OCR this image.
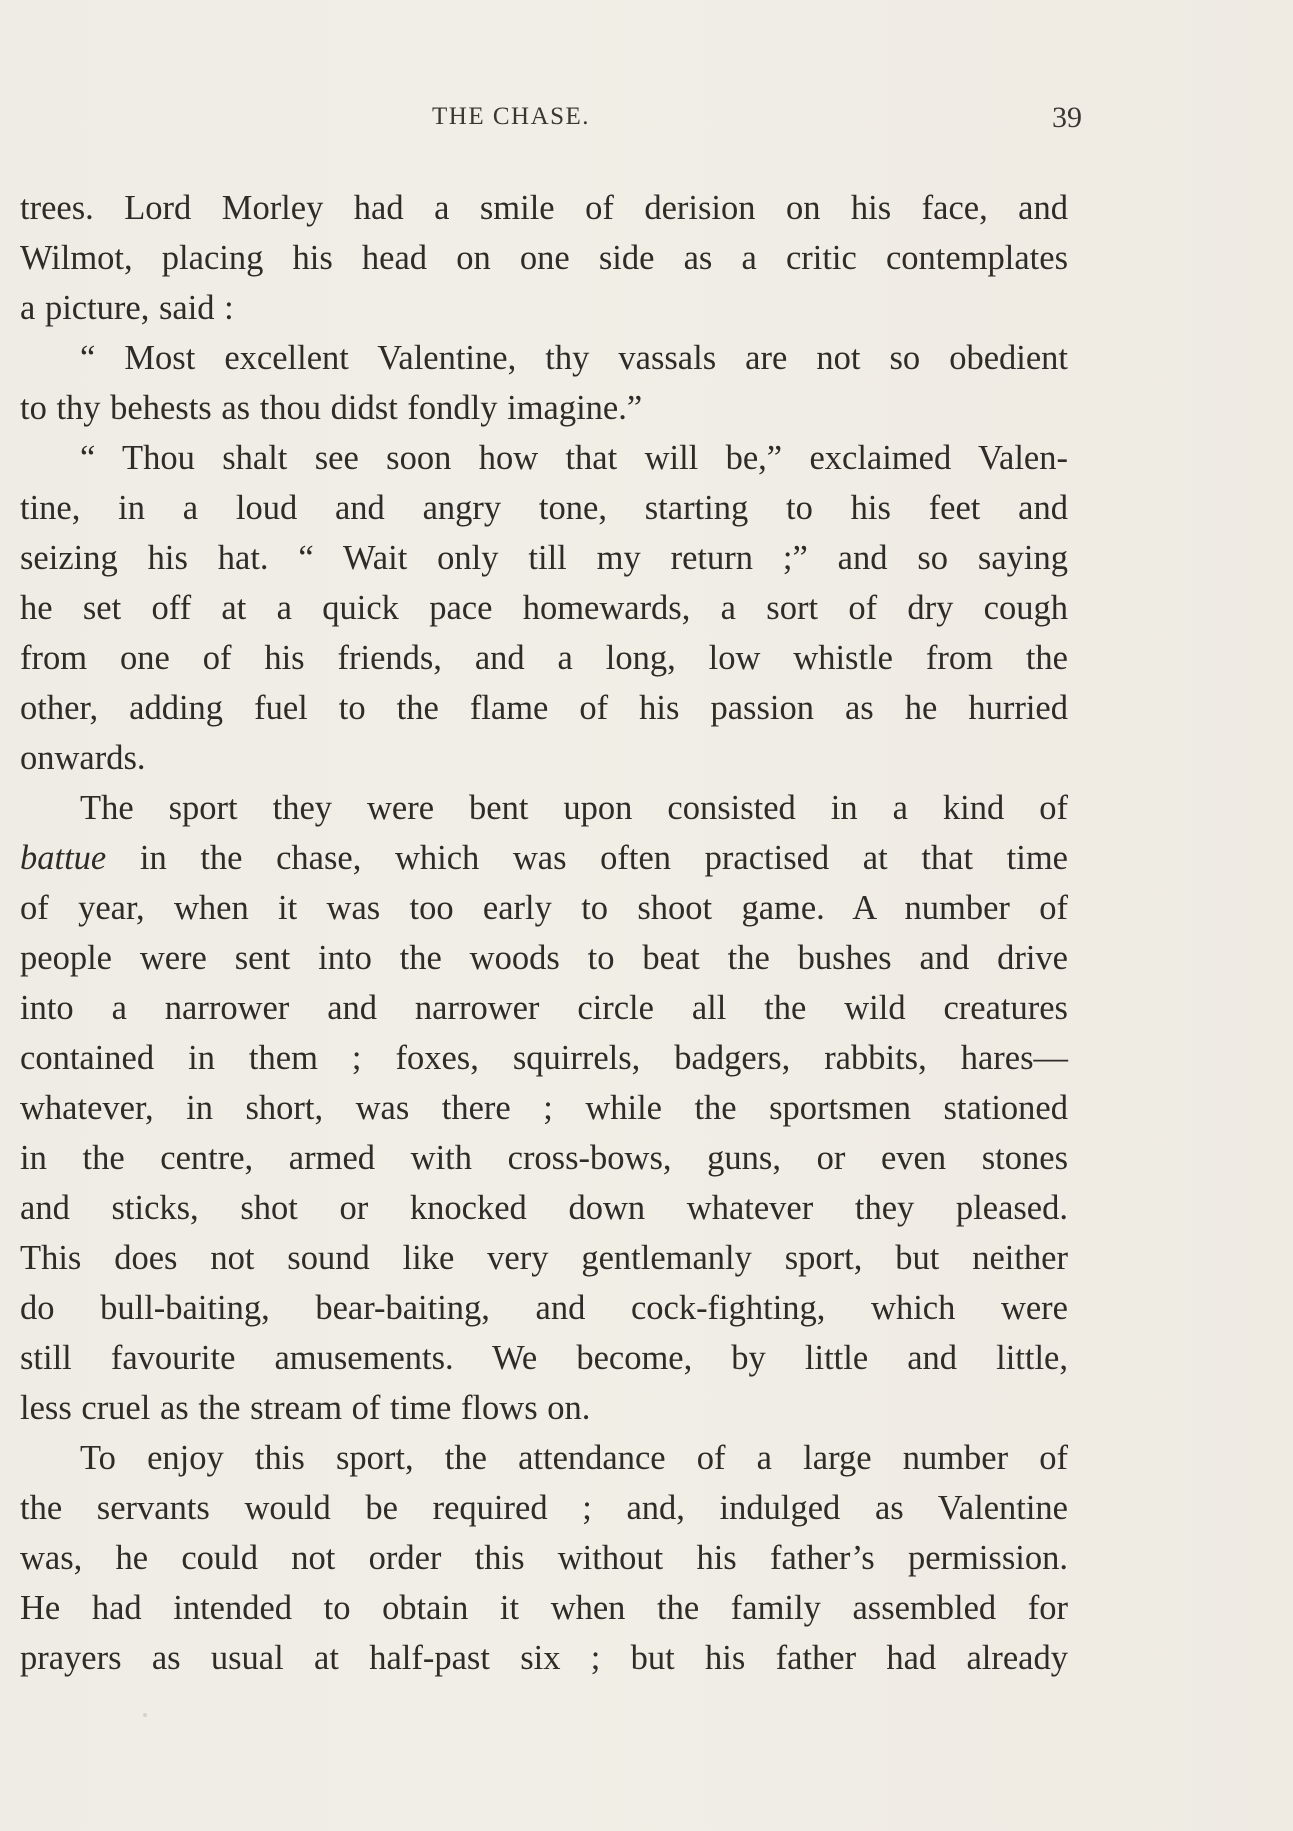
THE CHASE.	39
trees. Lord Morley had a smile of derision on his face, and
Wilmot, placing his head on one side as a critic contemplates
a picture, said :
“ Most excellent Valentine, thy vassals are not so obedient
to thy behests as thou didst fondly imagine.”
“ Thou shalt see soon how that will be,” exclaimed Valen-
tine, in a loud and angry tone, starting to his feet and
seizing his hat. “ Wait only till my return ;” and so saying
he set off at a quick pace homewards, a sort of dry cough
from one of his friends, and a long, low whistle from the
other, adding fuel to the flame of his passion as he hurried
onwards.
The sport they were bent upon consisted in a kind of
battue in the chase, which was often practised at that time
of year, when it was too early to shoot game. A number of
people were sent into the woods to beat the bushes and drive
into a narrower and narrower circle all the wild creatures
contained in them ; foxes, squirrels, badgers, rabbits, hares—
whatever, in short, was there ; while the sportsmen stationed
in the centre, armed with cross-bows, guns, or even stones
and sticks, shot or knocked down whatever they pleased.
This does not sound like very gentlemanly sport, but neither
do bull-baiting, bear-baiting, and cock-fighting, which were
still favourite amusements. We become, by little and little,
less cruel as the stream of time flows on.
To enjoy this sport, the attendance of a large number of
the servants would be required ; and, indulged as Valentine
was, he could not order this without his father’s permission.
He had intended to obtain it when the family assembled for
prayers as usual at half-past six ; but his father had already
